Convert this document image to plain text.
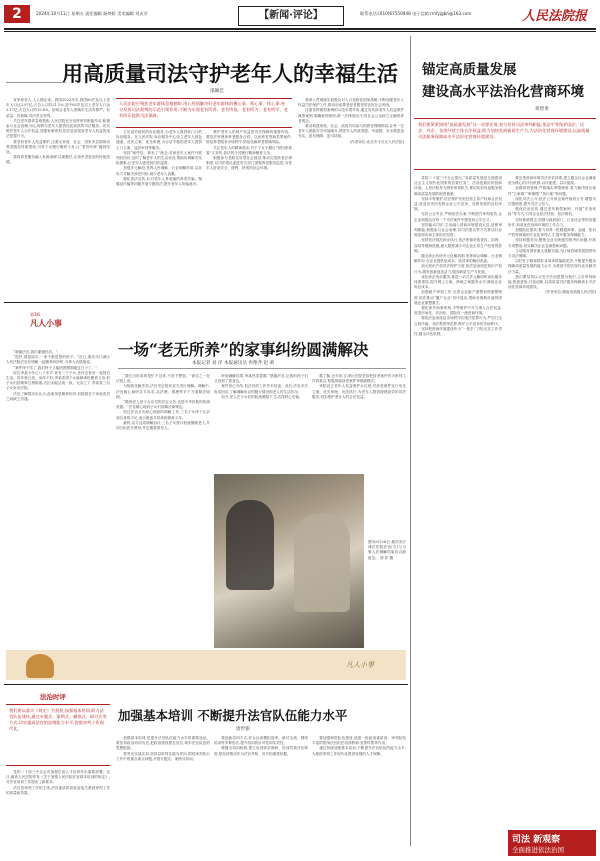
2	2024年10月11日 星期五 责任编辑 杨梦娇 美术编辑 刘庆芳	【新闻·评论】	联系电话:(010)67550948 电子信箱:rmfyjgbh@163.com	人民法院报
用高质量司法守护老年人的幸福生活
邵佩佳

宜家养老人,人人期企来。我国2023年末,我国60岁及以上老年人口达2.97亿,占总人口的21.1%,其中65岁及以上老年人口达2.17亿,占总人口的15.4%。如何让老年人的晚年生活有尊严、有质量、有保障,司法责无旁贷。

关注老年群体急难愁盼,人民法院充分发挥审判职能作用,积极参与社会治理,用心用情为老年人提供优质高效的司法服务。切实维护老年人合法权益,加强家事审判,依法惩治侵害老年人权益的违法犯罪行为。

要坚持老年人权益保护,注重从家庭、社会、国家多层面推动养老服务体系建设,引导子女履行赡养义务,让“老有所养”落到实处。

要将养老服务融入诉源治理,以案释法,弘扬孝老爱亲的传统美德。

人民法院应聚焦老年群体急难愁盼,用心用情解决好老年群体的揪心事、烦心事、忧心事,充分发挥司法裁判的示范引领作用,不断为实现老有所养、老有所依、老有所为、老有所学、老有所乐提供司法保障。

立足高效便民的诉讼服务,为老年人提供家门口的诉讼服务。在人民法院,诉讼服务中心设立老年人绿色通道、优先立案、优先审理,为行动不便的老年人提供上门立案、巡回审判等服务。

坚持“案件结、事未了”理念,对涉老年人案件开展判后回访,及时了解老年人的生活状况,帮助协调解决实际困难,让老年人感受到司法温度。

加强多元解纷,发挥人民调解、行业调解作用,以非诉方式解决涉老纠纷,减少老年人诉累。

强化普法宣传,针对老年人易受骗的养老诈骗、保健品诈骗等问题开展专题普法,提升老年人防骗意识。

维护老年人的财产权益是司法保障的重要内容。要依法审理涉养老服务合同、以房养老等新类型案件,规范养老服务市场秩序,防范化解养老领域风险。

关注老年人的精神需求,对于子女不履行“常回家看看”义务的,依法判令其履行精神赡养义务。

积极参与老龄友好型社会建设,推动完善涉老法律制度,以司法建议促进有关部门加强养老服务监管,为老年人营造安全、便利、舒适的社会环境。

要深入贯彻落实积极应对人口老龄化国家战略,不断加强老年人权益司法保护工作,推动形成尊老爱老敬老的良好社会风尚。

注重发挥典型案例的示范引领作用,通过发布涉老年人权益保护典型案例,明确裁判规则,统一法律适用,引导社会公众树立正确的养老观念。

推动构建家庭、社会、政府共同参与的养老保障格局,让每一位老年人都能安享幸福晚年,使老年人的获得感、幸福感、安全感更加充实、更有保障、更可持续。

(作者单位:北京市丰台区人民法院)

锚定高质量发展
建设高水平法治化营商环境
蒋智勇
我们要紧紧围绕“高质量发展”这一首要任务,充分发挥司法审判职能,依法平等保护国企、民企、外企、各类经营主体合法权益,助力加快发展新质生产力,为法治化营商环境建设,以高质量司法服务保障高水平法治化营商环境建设。

党的二十届三中全会提出,“高质量发展是全面建设社会主义现代化国家的首要任务”。法治是最好的营商环境。人民法院作为国家审判机关,要切实担负起服务保障高质量发展的职责使命。

坚持平等保护,依法保护各类经营主体产权和合法权益,营造各类所有制企业公平竞争、竞相发展的良好环境。

坚持公正司法,严格依法办案,不断提升审判质效,让企业和群众在每一个司法案件中感受到公平正义。

坚持能动司法,主动融入营商环境建设大局,延伸审判职能,积极参与社会治理,以司法建议等方式推动行业规范和市场主体依法经营。

坚持依法规范涉企执行,依法审慎采取查封、扣押、冻结等强制措施,最大限度减少对企业正常生产经营的影响。

健全涉企纠纷多元化解机制,发挥商会调解、行业调解作用,为企业提供低成本、高效率的解纷渠道。

加大知识产权司法保护力度,依法惩治侵犯知识产权行为,激发创新创造活力,服务新质生产力发展。

优化涉企诉讼服务,推进一站式多元解纷和诉讼服务体系建设,提升网上立案、跨域立案服务水平,降低企业诉讼成本。

加强破产审判工作,完善企业破产重整和预重整制度,依法推动“僵尸企业”有序退出,帮助有挽救价值的困境企业重整重生。

强化涉外商事审判,平等保护中外当事人合法权益,营造市场化、法治化、国际化一流营商环境。

要依法惩治扰乱市场秩序的违法犯罪行为,严厉打击合同诈骗、非法集资等犯罪,维护公平竞争的市场秩序。

坚持把营商环境建设作为“一把手”工程,压实工作责任,健全评估机制。

要完善营商环境司法评估体系,建立健全以企业满意度为核心的评价机制,以评促建、以评促改。

加强审判管理,严格落实审限制度,着力解决涉企案件“立案难”“审理慢”“执行难”等问题。

深化司法公开,依法公开涉企案件裁判文书,增强司法透明度,提升司法公信力。

强化法治宣传,通过发布典型案例、开展“法治体检”等方式,引导企业依法经营、依法维权。

坚持系统观念,加强与政府部门、行业协会等的沟通协作,形成优化营商环境的工作合力。

加强队伍建设,着力培养一批精通商事、金融、知识产权等领域的专业化审判人才,提升服务保障能力。

坚持问题导向,聚焦企业反映强烈的突出问题,开展专项整治,切实解决企业急难愁盼问题。

主动服务国家重大战略实施,为区域协调发展提供有力司法保障。

以钉钉子精神抓好各项举措落地见效,不断提升服务保障高质量发展的能力水平,为推进中国式现代化贡献司法力量。

我们要坚持以习近平法治思想为指引,立足审判职能,锐意进取,开拓创新,以高质量司法服务保障高水平法治化营商环境建设。

(作者单位:湖南省高级人民法院)

司法 新观察
全面推进依法治国
第3版
凡人小事
一场“老无所养”的家事纠纷圆满解决
本报记者 刘 洋 本报通讯员 冉艳齐 赵 莉

“谢谢法官,我们谢谢你们。”

“您好,我是原告,一家子都是您的孩子。”近日,重庆市江津区人民法院法官在调解一起赡养纠纷时,当事人动情地说。

“案件终于结了,我们终于又能团团圆圆地过日子了。”

原告李某今年已八十多岁,育有三个子女,老伴去世后一直独自生活。因年事已高、身体不好,李某希望子女能够承担赡养义务,但子女们因琐事互相推诿,迟迟未能达成一致。无奈之下,李某将三名子女诉至法院。

法官了解情况后认为,此案虽是赡养纠纷,但根源在于家庭成员之间缺乏沟通。

“我们当时真的是忙不过来,不是不想管。”被告之一在法庭上说。

为彻底化解矛盾,法官决定组织双方进行调解。调解中,法官耐心倾听各方诉求,从法理、情理等多个方面释法明理。

“赡养老人是子女应尽的法定义务,也是中华民族的传统美德。”法官耐心地向子女们讲解法律规定。

经过法官多次耐心细致的调解工作,三名子女终于认识到自身的不足,表示愿意共同承担赡养义务。

最终,双方达成调解协议:三名子女按月轮流照顾老人,共同分担医疗费用,并定期看望老人。

听到调解结果,李某热泪盈眶:“感谢法官,让我的孩子们又回到了我身边。”

案件虽已办结,但法官的工作并未结束。此后,法官多次电话回访,了解调解协议的履行情况和老人的生活状况。

如今,老人在子女们的轮流照顾下,生活得舒心安稳。

据了解,近年来,江津区法院坚持把涉老案件作为审判工作的重点,积极探索涉老案件审理新模式。

该院设立老年人权益保护合议庭,对涉老案件实行优先立案、优先审理、优先执行,为老年人提供便捷高效的司法服务,切实维护老年人的合法权益。

图为9月26日,重庆市江津区法院法官(左)与当事人在调解结束后合影留念。 刘 洋 摄
凡人小事
法治时评
加强基本培训 不断提升法官队伍能力水平
唐世银
我们要以落实《规定》为契机,加强基本培训,助力法官队伍建设,通过专题式、案例式、模拟式、研讨式等方式,切实提高法官的思维能力水平,促推审判工作现代化。

党的二十届三中全会对加强法治人才培养作出重要部署。近日,最高人民法院印发《关于加强人民法院法官基本培训的规定》,对法官培训工作提出了新要求。

法官是审判工作的主体,法官素质的高低直接关系到审判工作的质量和效果。

加强基本培训,是提升法官队伍能力水平的重要途径。要坚持政治培训为先,把政治建设摆在首位,筑牢法官队伍的思想根基。

要突出实战实训,坚持以审判实践为导向,围绕审判执行工作中的重点难点问题,开展专题式、案例式培训。

要创新培训方式,综合运用模拟庭审、研讨交流、网络培训等多种形式,提升培训的针对性和实效性。

要健全培训机制,建立培训需求调研、培训效果评估制度,把培训情况作为法官考核、晋升的重要依据。

要加强师资队伍建设,选拔一批政治素质高、审判经验丰富的资深法官担任培训教师,发挥传帮带作用。

通过持续加强基本培训,不断提升法官队伍的能力水平,为推进审判工作现代化提供坚强的人才保障。
